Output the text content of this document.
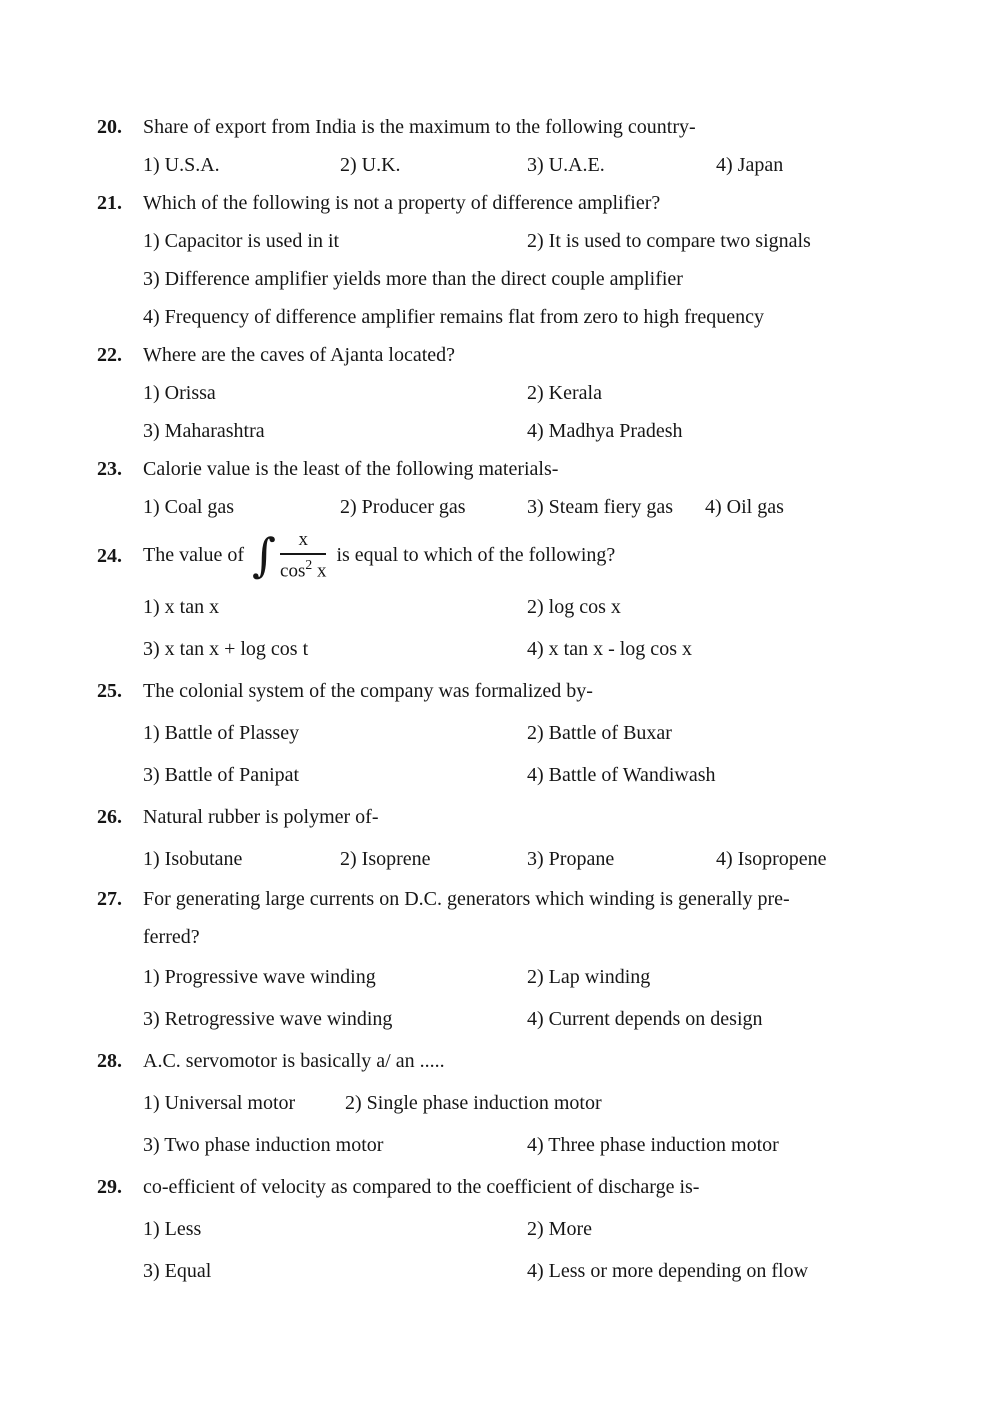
20.	Share of export from India is the maximum to the following country-
1) U.S.A.	2) U.K.	3) U.A.E.	4) Japan
21.	Which of the following is not a property of difference amplifier?
1) Capacitor is used in it	2) It is used to compare two signals
3) Difference amplifier yields more than the direct couple amplifier
4) Frequency of difference amplifier remains flat from zero to high frequency
22.	Where are the caves of Ajanta located?
1) Orissa	2) Kerala
3) Maharashtra	4) Madhya Pradesh
23.	Calorie value is the least of the following materials-
1) Coal gas	2) Producer gas	3) Steam fiery gas 4) Oil gas
24.	The value of ∫ $\frac{x}{\cos^2 x}$ is equal to which of the following?
1) x tan x	2) log cos x
3) x tan x + log cos t	4) x tan x - log cos x
25.	The colonial system of the company was formalized by-
1) Battle of Plassey	2) Battle of Buxar
3) Battle of Panipat	4) Battle of Wandiwash
26.	Natural rubber is polymer of-
1) Isobutane	2) Isoprene	3) Propane	4) Isopropene
27.	For generating large currents on D.C. generators which winding is generally pre-
ferred?
1) Progressive wave winding	2) Lap winding
3) Retrogressive wave winding	4) Current depends on design
28.	A.C. servomotor is basically a/ an .....
1) Universal motor 2) Single phase induction motor
3) Two phase induction motor	4) Three phase induction motor
29.	co-efficient of velocity as compared to the coefficient of discharge is-
1) Less	2) More
3) Equal	4) Less or more depending on flow
